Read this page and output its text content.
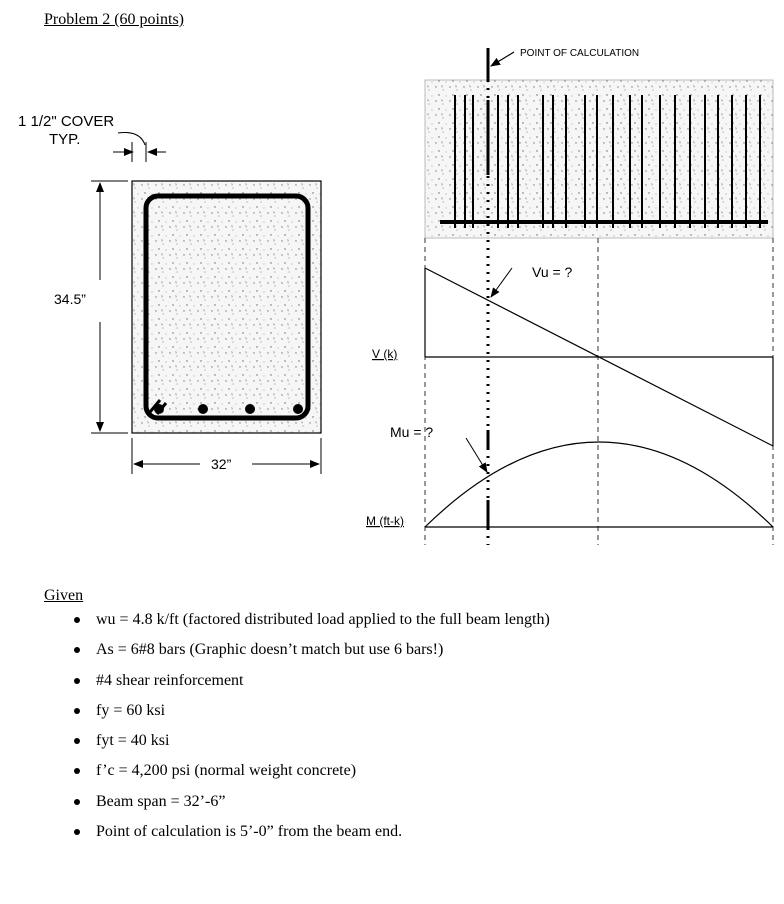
Problem 2 (60 points)
1 1/2" COVER
TYP.
34.5”
32”
POINT OF CALCULATION
Vu = ?
V (k)
Mu = ?
M (ft-k)
Given
wu = 4.8 k/ft (factored distributed load applied to the full beam length)
As = 6#8 bars (Graphic doesn’t match but use 6 bars!)
#4 shear reinforcement
fy = 60 ksi
fyt = 40 ksi
f’c = 4,200 psi (normal weight concrete)
Beam span = 32’-6”
Point of calculation is 5’-0” from the beam end.
